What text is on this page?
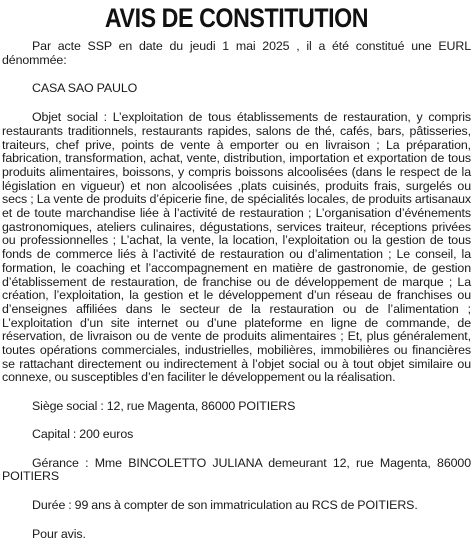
AVIS DE CONSTITUTION

Par acte SSP en date du jeudi 1 mai 2025 , il a été constitué une EURL dénommée:

CASA SAO PAULO

Objet social : L’exploitation de tous établissements de restauration, y compris restaurants traditionnels, restaurants rapides, salons de thé, cafés, bars, pâtisseries, traiteurs, chef prive, points de vente à emporter ou en livraison ; La préparation, fabrication, transformation, achat, vente, distribution, importation et exportation de tous produits alimentaires, boissons, y compris boissons alcoolisées (dans le respect de la législation en vigueur) et non alcoolisées ,plats cuisinés, produits frais, surgelés ou secs ; La vente de produits d’épicerie fine, de spécialités locales, de produits artisanaux et de toute marchandise liée à l’activité de restauration ; L’organisation d’événements gastronomiques, ateliers culinaires, dégustations, services traiteur, réceptions privées ou professionnelles ; L’achat, la vente, la location, l’exploitation ou la gestion de tous fonds de commerce liés à l’activité de restauration ou d’alimentation ; Le conseil, la formation, le coaching et l’accompagnement en matière de gastronomie, de gestion d’établissement de restauration, de franchise ou de développement de marque ; La création, l’exploitation, la gestion et le développement d’un réseau de franchises ou d’enseignes affiliées dans le secteur de la restauration ou de l’alimentation ; L’exploitation d’un site internet ou d’une plateforme en ligne de commande, de réservation, de livraison ou de vente de produits alimentaires ; Et, plus généralement, toutes opérations commerciales, industrielles, mobilières, immobilières ou financières se rattachant directement ou indirectement à l’objet social ou à tout objet similaire ou connexe, ou susceptibles d’en faciliter le développement ou la réalisation.

Siège social : 12, rue Magenta, 86000 POITIERS

Capital : 200 euros

Gérance : Mme BINCOLETTO JULIANA demeurant 12, rue Magenta, 86000 POITIERS

Durée : 99 ans à compter de son immatriculation au RCS de POITIERS.

Pour avis.
